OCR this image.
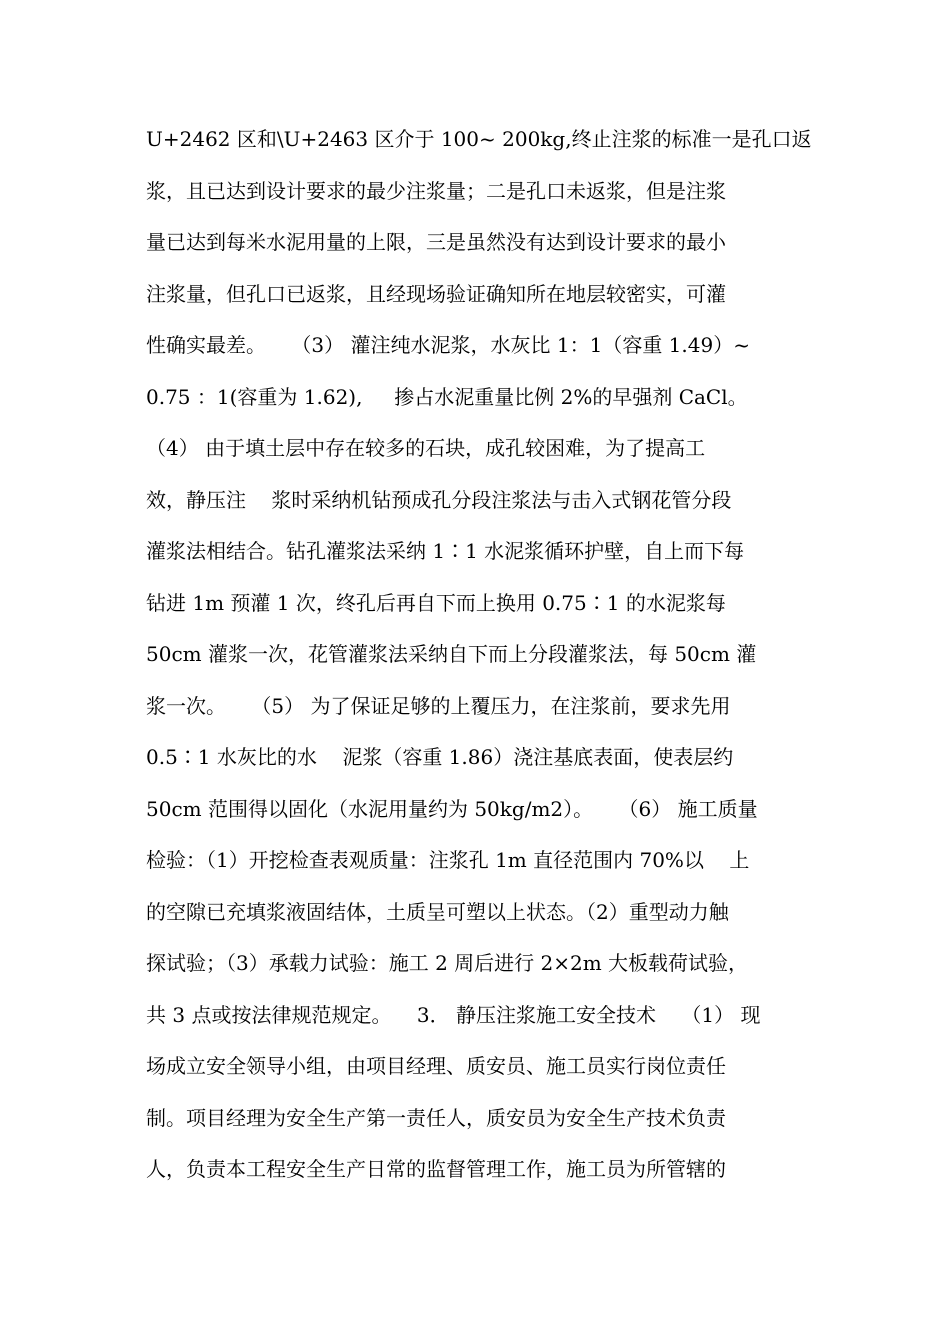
U+2462 区和\U+2463 区介于 100~ 200kg,终止注浆的标准一是孔口返
浆，且已达到设计要求的最少注浆量；二是孔口未返浆，但是注浆
量已达到每米水泥用量的上限，三是虽然没有达到设计要求的最小
注浆量，但孔口已返浆，且经现场验证确知所在地层较密实，可灌
性确实最差。    （3） 灌注纯水泥浆，水灰比 1：1（容重 1.49）~
0.75 ：1(容重为 1.62),     掺占水泥重量比例 2%的早强剂 CaCl。
（4） 由于填土层中存在较多的石块，成孔较困难，为了提高工
效，静压注    浆时采纳机钻预成孔分段注浆法与击入式钢花管分段
灌浆法相结合。钻孔灌浆法采纳 1∶1 水泥浆循环护壁，自上而下每
钻进 1m 预灌 1 次，终孔后再自下而上换用 0.75∶1 的水泥浆每
50cm 灌浆一次，花管灌浆法采纳自下而上分段灌浆法，每 50cm 灌
浆一次。    （5） 为了保证足够的上覆压力，在注浆前，要求先用
0.5∶1 水灰比的水    泥浆（容重 1.86）浇注基底表面，使表层约
50cm 范围得以固化（水泥用量约为 50kg/m2）。    （6） 施工质量
检验：（1）开挖检查表观质量：注浆孔 1m 直径范围内 70%以    上
的空隙已充填浆液固结体，土质呈可塑以上状态。（2）重型动力触
探试验；（3）承载力试验：施工 2 周后进行 2×2m 大板载荷试验，
共 3 点或按法律规范规定。    3． 静压注浆施工安全技术    （1） 现
场成立安全领导小组，由项目经理、质安员、施工员实行岗位责任
制。项目经理为安全生产第一责任人，质安员为安全生产技术负责
人，负责本工程安全生产日常的监督管理工作，施工员为所管辖的
